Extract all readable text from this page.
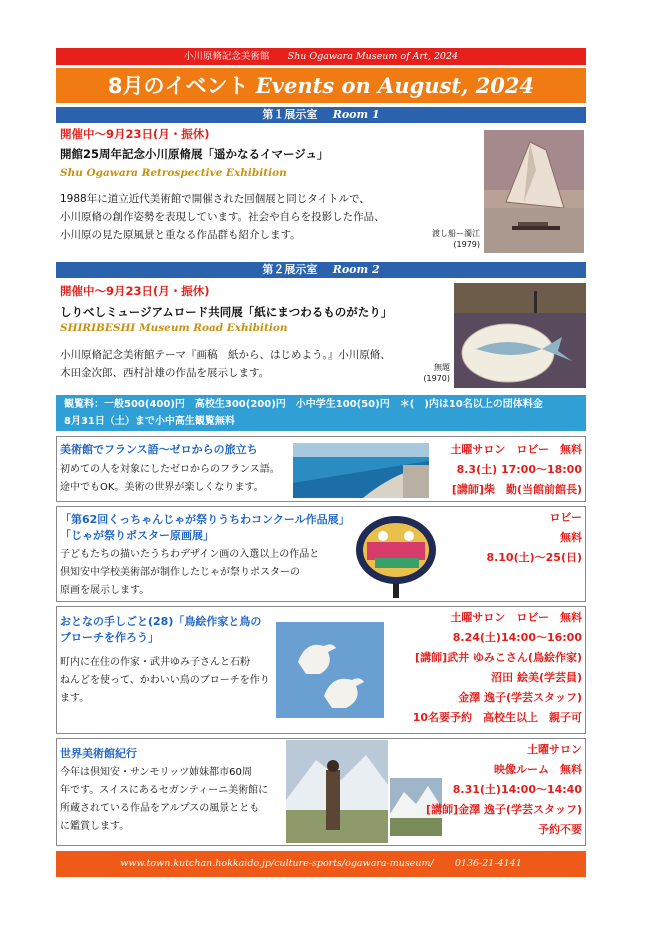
小川原脩記念美術館 Shu Ogawara Museum of Art, 2024
8月のイベント Events on August, 2024
第１展示室 Room 1
開催中～9月23日(月・振休)
開館25周年記念小川原脩展「遥かなるイマージュ」
Shu Ogawara Retrospective Exhibition
1988年に道立近代美術館で開催された回個展と同じタイトルで、
小川原脩の創作姿勢を表現しています。社会や自らを投影した作品、
小川原の見た原風景と重なる作品群も紹介します。	渡し船ー濁江
(1979)
第２展示室 Room 2
開催中～9月23日(月・振休)
しりべしミュージアムロード共同展「紙にまつわるものがたり」
SHIRIBESHI Museum Road Exhibition
小川原脩記念美術館テーマ『画稿　紙から、はじめよう。』小川原脩、
木田金次郎、西村計雄の作品を展示します。	無題
(1970)
観覧料：一般500(400)円　高校生300(200)円　小中学生100(50)円　＊(　)内は10名以上の団体料金
8月31日（土）まで小中高生観覧無料
美術館でフランス語～ゼロからの旅立ち
初めての人を対象にしたゼロからのフランス語。
途中でもOK。美術の世界が楽しくなります。
土曜サロン　ロビー　無料
8.3(土) 17:00～18:00
[講師]柴　勤(当館前館長)
「第62回くっちゃんじゃが祭りうちわコンクール作品展」
「じゃが祭りポスター原画展」
子どもたちの描いたうちわデザイン画の入選以上の作品と
倶知安中学校美術部が制作したじゃが祭りポスターの
原画を展示します。
ロビー
無料
8.10(土)～25(日)
おとなの手しごと(28)「鳥絵作家と鳥の
ブローチを作ろう」
町内に在住の作家・武井ゆみ子さんと石粉
ねんどを使って、かわいい鳥のブローチを作り
ます。
土曜サロン　ロビー　無料
8.24(土)14:00～16:00
[講師]武井 ゆみこさん(鳥絵作家)
沼田 絵美(学芸員)
金澤 逸子(学芸スタッフ)
10名要予約　高校生以上　親子可
世界美術館紀行
今年は倶知安・サンモリッツ姉妹都市60周
年です。スイスにあるセガンティーニ美術館に
所蔵されている作品をアルプスの風景ととも
に鑑賞します。
土曜サロン
映像ルーム　無料
8.31(土)14:00～14:40
[講師]金澤 逸子(学芸スタッフ)
予約不要
www.town.kutchan.hokkaido.jp/culture-sports/ogawara-museum/ 0136-21-4141
